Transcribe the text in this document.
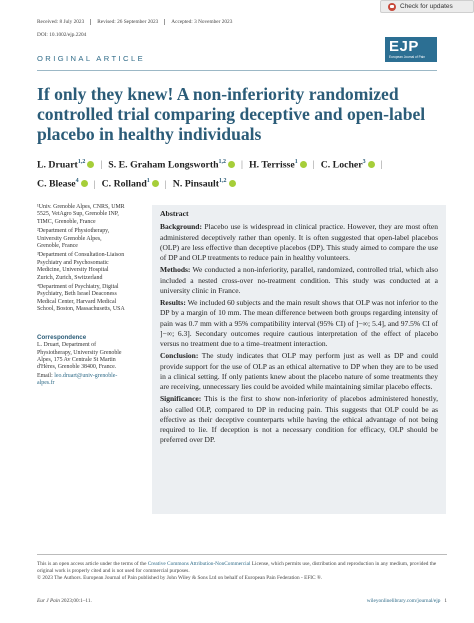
Check for updates
Received: 8 July 2023	Revised: 26 September 2023	Accepted: 3 November 2023
DOI: 10.1002/ejp.2204
ORIGINAL ARTICLE
EJP
European Journal of Pain
If only they knew! A non-inferiority randomized controlled trial comparing deceptive and open-label placebo in healthy individuals
L. Druart$^{1,2}$ | S. E. Graham Longsworth$^{1,2}$ | H. Terrisse$^1$ | C. Locher$^3$ |
C. Blease$^4$ | C. Rolland$^1$ | N. Pinsault$^{1,2}$
¹Univ. Grenoble Alpes, CNRS, UMR 5525, VetAgro Sup, Grenoble INP, TIMC, Grenoble, France
²Department of Physiotherapy, University Grenoble Alpes, Grenoble, France
³Department of Consultation-Liaison Psychiatry and Psychosomatic Medicine, University Hospital Zurich, Zurich, Switzerland
⁴Department of Psychiatry, Digital Psychiatry, Beth Israel Deaconess Medical Center, Harvard Medical School, Boston, Massachusetts, USA
Correspondence
L. Druart, Department of Physiotherapy, University Grenoble Alpes, 175 Av Centrale St Martin d'Hères, Grenoble 38400, France.
Email: leo.druart@univ-grenoble-alpes.fr
Abstract
Background: Placebo use is widespread in clinical practice. However, they are most often administered deceptively rather than openly. It is often suggested that open-label placebos (OLP) are less effective than deceptive placebos (DP). This study aimed to compare the use of DP and OLP treatments to reduce pain in healthy volunteers.
Methods: We conducted a non-inferiority, parallel, randomized, controlled trial, which also included a nested cross-over no-treatment condition. This study was conducted at a university clinic in France.
Results: We included 60 subjects and the main result shows that OLP was not inferior to the DP by a margin of 10 mm. The mean difference between both groups regarding intensity of pain was 0.7 mm with a 95% compatibility interval (95% CI) of ]−∞; 5.4], and 97.5% CI of ]−∞; 6.3]. Secondary outcomes require cautious interpretation of the effect of placebo versus no treatment due to a time–treatment interaction.
Conclusion: The study indicates that OLP may perform just as well as DP and could provide support for the use of OLP as an ethical alternative to DP when they are to be used in a clinical setting. If only patients knew about the placebo nature of some treatments they are receiving, unnecessary lies could be avoided while maintaining similar placebo effects.
Significance: This is the first to show non-inferiority of placebos administered honestly, also called OLP, compared to DP in reducing pain. This suggests that OLP could be as effective as their deceptive counterparts while having the ethical advantage of not being required to lie. If deception is not a necessary condition for efficacy, OLP should be preferred over DP.
This is an open access article under the terms of the Creative Commons Attribution-NonCommercial License, which permits use, distribution and reproduction in any medium, provided the original work is properly cited and is not used for commercial purposes.
© 2023 The Authors. European Journal of Pain published by John Wiley & Sons Ltd on behalf of European Pain Federation - EFIC ®.
Eur J Pain 2023;00:1–11.	wileyonlinelibrary.com/journal/ejp 1
